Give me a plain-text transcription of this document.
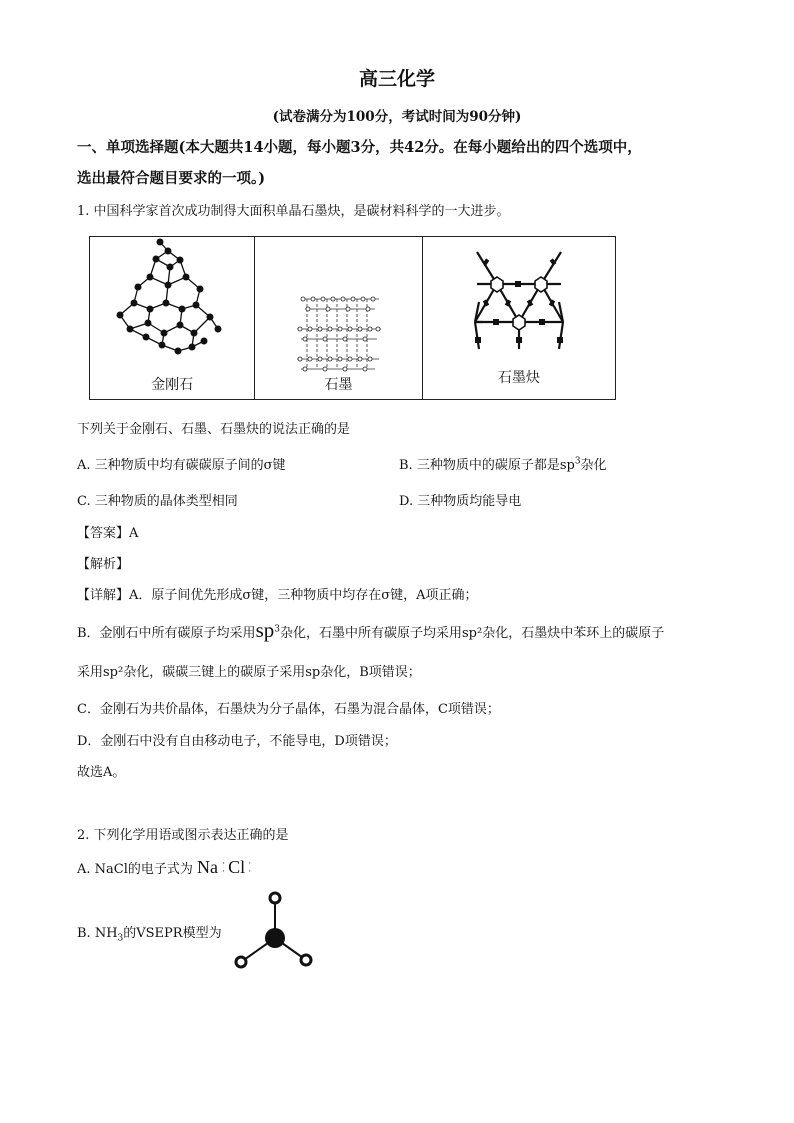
高三化学
(试卷满分为100分，考试时间为90分钟)
一、单项选择题(本大题共14小题，每小题3分，共42分。在每小题给出的四个选项中，
选出最符合题目要求的一项。)
1. 中国科学家首次成功制得大面积单晶石墨炔，是碳材料科学的一大进步。
金刚石	石墨	石墨炔
下列关于金刚石、石墨、石墨炔的说法正确的是
A. 三种物质中均有碳碳原子间的σ键	B. 三种物质中的碳原子都是$sp^3$杂化
C. 三种物质的晶体类型相同	D. 三种物质均能导电
【答案】A
【解析】
【详解】A．原子间优先形成σ键，三种物质中均存在σ键，A项正确；
B．金刚石中所有碳原子均采用$sp^3$杂化，石墨中所有碳原子均采用sp²杂化，石墨炔中苯环上的碳原子
采用sp²杂化，碳碳三键上的碳原子采用sp杂化，B项错误；
C．金刚石为共价晶体，石墨炔为分子晶体，石墨为混合晶体，C项错误；
D．金刚石中没有自由移动电子，不能导电，D项错误；
故选A。
2. 下列化学用语或图示表达正确的是
A. NaCl的电子式为 Na ·
· Cl ·
·
B. $NH_3$的VSEPR模型为
